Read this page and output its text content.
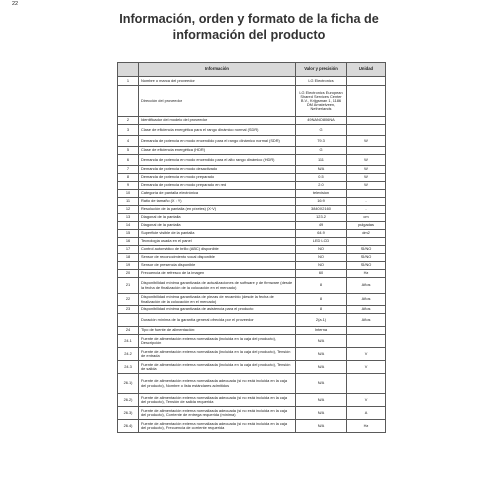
22
Información, orden y formato de la ficha de información del producto
	Información	Valor y precisión	Unidad
1	Nombre o marca del proveedor	LG Electronics	
	Dirección del proveedor	LG Electronics European Shared Services Center B.V., Krijgsman 1, 1186 DM Amstelveen, Netherlands	
2	Identificador del modelo del proveedor	49NANO806NA	
3	Clase de eficiencia energética para el rango dinámico normal (SDR)	G	
4	Demanda de potencia en modo encendido para el rango dinámico normal (SDR)	79.3	W
5	Clase de eficiencia energética (HDR)	G	
6	Demanda de potencia en modo encendido para el alto rango dinámico (HDR)	111	W
7	Demanda de potencia en modo desactivado	N/A	W
8	Demanda de potencia en modo preparado	0.5	W
9	Demanda de potencia en modo preparado en red	2.0	W
10	Categoría de pantalla electrónica	television	
11	Ratio de tamaño (X : Y)	16:9	-
12	Resolución de la pantalla (en píxeles) (X·V)	3840X2160	-
13	Diagonal de la pantalla	123.2	cm
14	Diagonal de la pantalla	49	pulgadas
15	Superficie visible de la pantalla	64.9	dm2
16	Tecnología usada en el panel	LED LCD	
17	Control automático de brillo (ABC) disponible	NO	SÍ/NO
18	Sensor de reconocimiento vocal disponible	NO	SÍ/NO
19	Sensor de presencia disponible	NO	SÍ/NO
20	Frecuencia de refresco de la imagen	60	Hz
21	Disponibilidad mínima garantizada de actualizaciones de software y de firmware (desde la fecha de finalización de la colocación en el mercado)	8	Años
22	Disponibilidad mínima garantizada de piezas de recambio (desde la fecha de finalización de la colocación en el mercado)	8	Años
23	Disponibilidad mínima garantizada de asistencia para el producto	8	Años
	Duración mínima de la garantía general ofrecida por el proveedor	2(a.1)	Años
24	Tipo de fuente de alimentación:	Interna	
24.1	Fuente de alimentación externa normalizada (incluida en la caja del producto), Descripción	N/A	
24.2	Fuente de alimentación externa normalizada (incluida en la caja del producto), Tensión de entrada	N/A	V
24.3	Fuente de alimentación externa normalizada (incluida en la caja del producto), Tensión de salida	N/A	V
26.1)	Fuente de alimentación externa normalizada adecuada (si no está incluida en la caja del producto), Nombre o lista estándares admitidos	N/A	
26.2)	Fuente de alimentación externa normalizada adecuada (si no está incluida en la caja del producto), Tensión de salida requerida	N/A	V
26.3)	Fuente de alimentación externa normalizada adecuada (si no está incluida en la caja del producto), Corriente de entrega requerida (mínima)	N/A	A
26.4)	Fuente de alimentación externa normalizada adecuada (si no está incluida en la caja del producto), Frecuencia de corriente requerida	N/A	Hz
